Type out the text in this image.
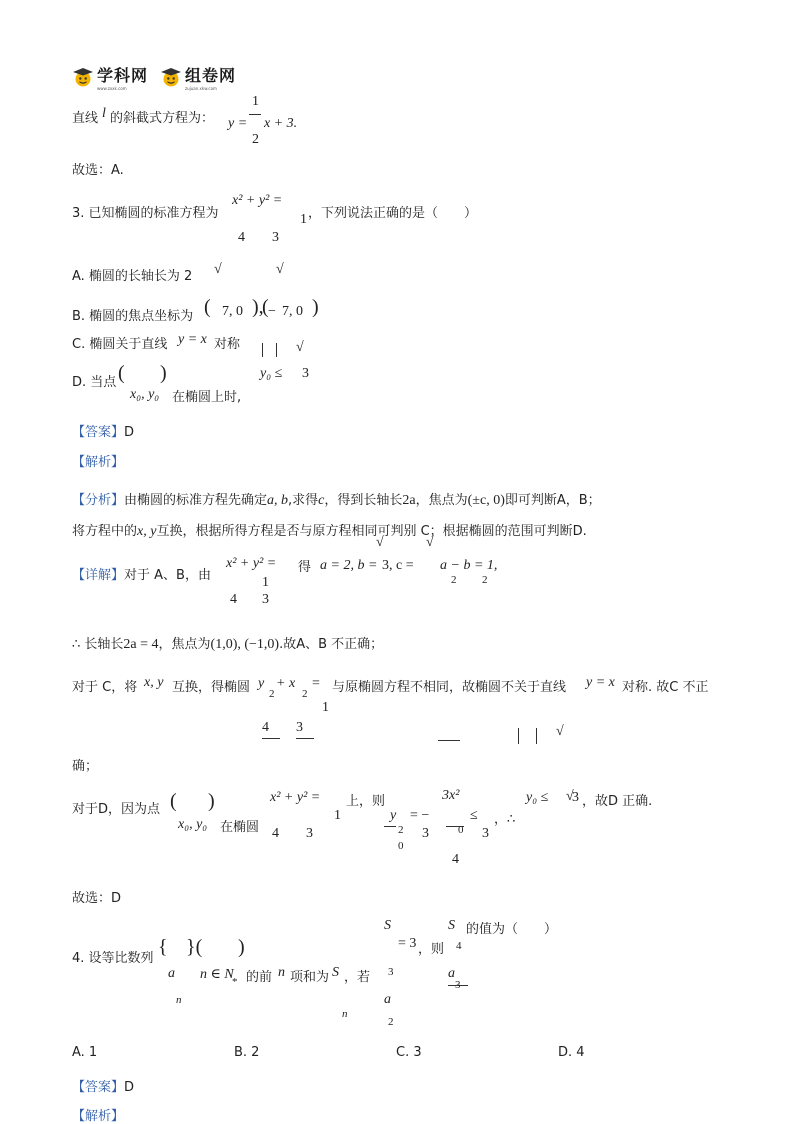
学科网
www.zxxk.com
组卷网
zujuan.xkw.com
直线 l 的斜截式方程为： y =
1
2
x + 3.
故选：A.
3. 已知椭圆的标准方程为
x² + y² =
1
4 3
，下列说法正确的是（　　）
A. 椭圆的长轴长为 2 √	√
B. 椭圆的焦点坐标为 ( 7, 0 ),
( − 7, 0 )
C. 椭圆关于直线 y = x 对称	√
y₀ ≤ 3
D. 当点 ( )
x₀, y₀ 在椭圆上时,
【答案】D
【解析】
【分析】由椭圆的标准方程先确定a, b,求得c，得到长轴长2a，焦点为(±c, 0)即可判断A，B；
将方程中的x, y互换，根据所得方程是否与原方程相同可判别 C；根据椭圆的范围可判断D.
√	√
【详解】 对于 A、B，由
x² + y² =
1
4 3
得 a = 2, b = 3, c = a − b = 1,
2 2
∴ 长轴长2a = 4，焦点为(1,0), (−1,0).故A、B 不正确；
对于 C，将 x, y 互换，得椭圆 y + x =
2	2
1
4 3
与原椭圆方程不相同，故椭圆不关于直线 y = x 对称. 故C 不正
√
确；
对于D，因为点 ( )
x₀, y₀ 在椭圆
x² + y² =
1
4 3
上，则	3x²
y = −	≤ ，∴
2
0
3	0 3
4
y₀ ≤ √
3 ，故D 正确.
故选：D
4. 设等比数列
{ }( )
a
n
n ∈ N
* 的前 n 项和为 S ，若
n
S
3
= 3
a
2
，则
S
4
a
3
的值为（　　）
A. 1	B. 2	C. 3	D. 4
【答案】D
【解析】
